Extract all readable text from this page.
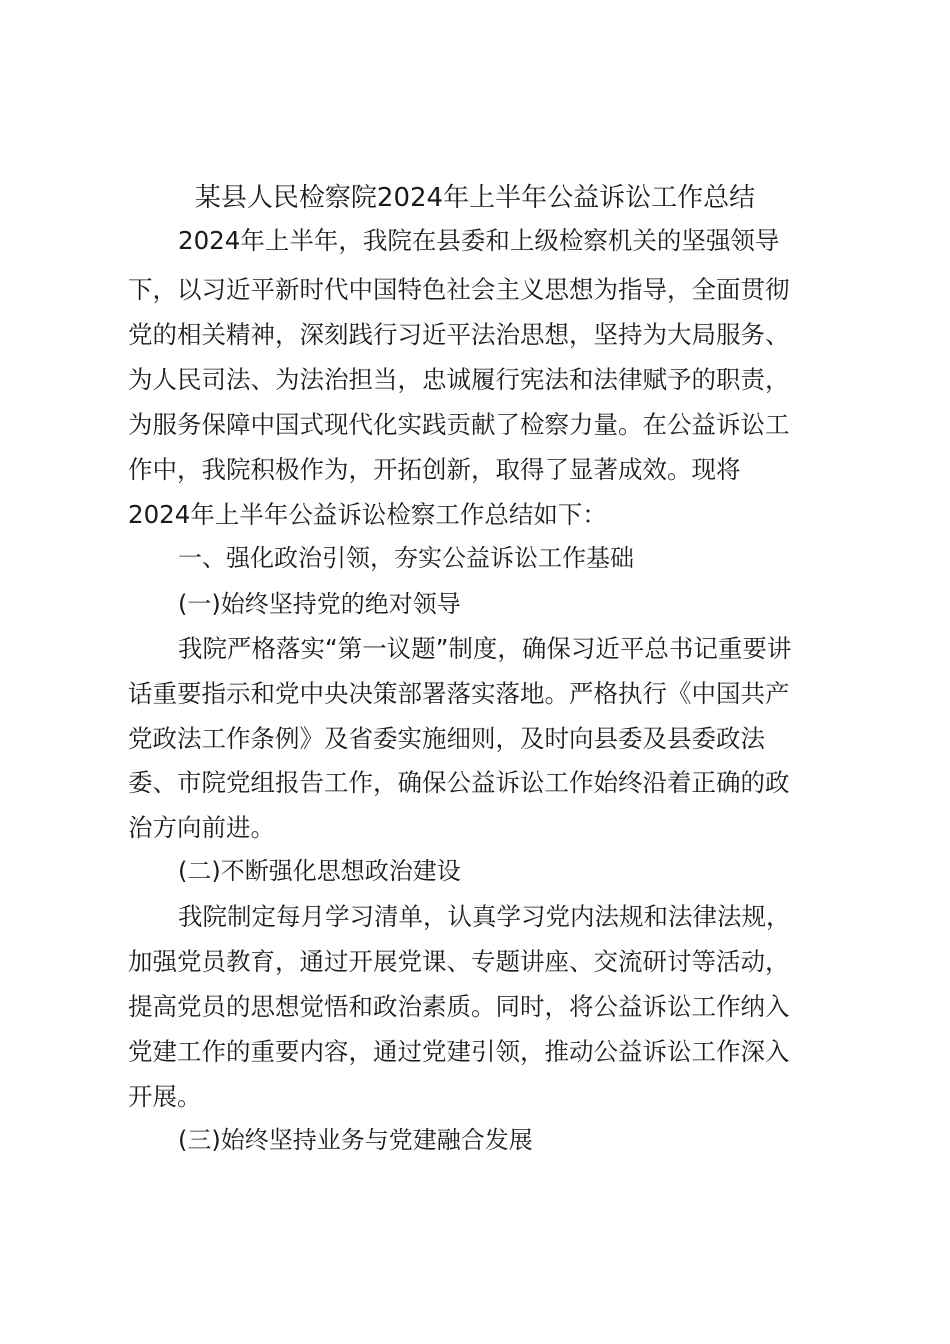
某县人民检察院2024年上半年公益诉讼工作总结

2024年上半年，我院在县委和上级检察机关的坚强领导

下，以习近平新时代中国特色社会主义思想为指导，全面贯彻

党的相关精神，深刻践行习近平法治思想，坚持为大局服务、

为人民司法、为法治担当，忠诚履行宪法和法律赋予的职责，

为服务保障中国式现代化实践贡献了检察力量。在公益诉讼工

作中，我院积极作为，开拓创新，取得了显著成效。现将

2024年上半年公益诉讼检察工作总结如下：

一、强化政治引领，夯实公益诉讼工作基础

(一)始终坚持党的绝对领导

我院严格落实“第一议题”制度，确保习近平总书记重要讲

话重要指示和党中央决策部署落实落地。严格执行《中国共产

党政法工作条例》及省委实施细则，及时向县委及县委政法

委、市院党组报告工作，确保公益诉讼工作始终沿着正确的政

治方向前进。

(二)不断强化思想政治建设

我院制定每月学习清单，认真学习党内法规和法律法规，

加强党员教育，通过开展党课、专题讲座、交流研讨等活动，

提高党员的思想觉悟和政治素质。同时，将公益诉讼工作纳入

党建工作的重要内容，通过党建引领，推动公益诉讼工作深入

开展。

(三)始终坚持业务与党建融合发展
